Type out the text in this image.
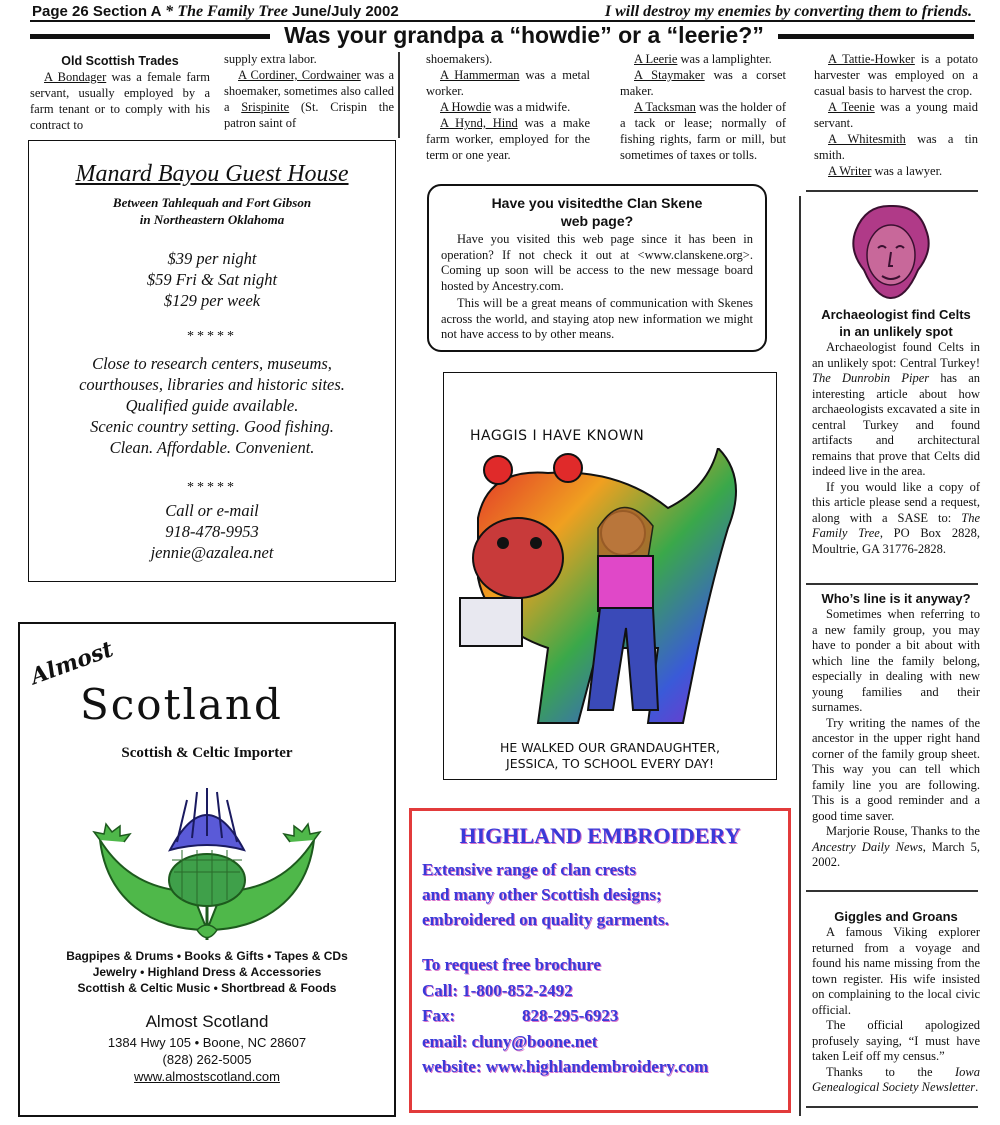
Page 26 Section A * The Family Tree June/July 2002	I will destroy my enemies by converting them to friends.
Was your grandpa a “howdie” or a “leerie?”
Old Scottish Trades

A Bondager was a female farm servant, usually employed by a farm tenant or to comply with his contract to

supply extra labor.

A Cordiner, Cordwainer was a shoemaker, sometimes also called a Srispinite (St. Crispin the patron saint of

shoemakers).

A Hammerman was a metal worker.

A Howdie was a midwife.

A Hynd, Hind was a make farm worker, employed for the term or one year.

A Leerie was a lamplighter.

A Staymaker was a corset maker.

A Tacksman was the holder of a tack or lease; normally of fishing rights, farm or mill, but sometimes of taxes or tolls.

A Tattie-Howker is a potato harvester was employed on a casual basis to harvest the crop.

A Teenie was a young maid servant.

A Whitesmith was a tin smith.

A Writer was a lawyer.

Manard Bayou Guest House
Between Tahlequah and Fort Gibson
in Northeastern Oklahoma
$39 per night
$59 Fri & Sat night
$129 per week
*****
Close to research centers, museums,
courthouses, libraries and historic sites.
Qualified guide available.
Scenic country setting. Good fishing.
Clean. Affordable. Convenient.
*****
Call or e-mail
918-478-9953
jennie@azalea.net
Almost
Scotland
Scottish & Celtic Importer
Bagpipes & Drums • Books & Gifts • Tapes & CDs
Jewelry • Highland Dress & Accessories
Scottish & Celtic Music • Shortbread & Foods
Almost Scotland
1384 Hwy 105 • Boone, NC 28607
(828) 262-5005
www.almostscotland.com
Have you visitedthe Clan Skene
web page?

Have you visited this web page since it has been in operation? If not check it out at <www.clanskene.org>. Coming up soon will be access to the new message board hosted by Ancestry.com.

This will be a great means of communication with Skenes across the world, and staying atop new information we might not have access to by other means.

HAGGIS I HAVE KNOWN
HE WALKED OUR GRANDAUGHTER,
JESSICA, TO SCHOOL EVERY DAY!
HIGHLAND EMBROIDERY
Extensive range of clan crests
and many other Scottish designs;
embroidered on quality garments.
To request free brochure
Call: 1-800-852-2492
Fax:	828-295-6923
email: cluny@boone.net
website: www.highlandembroidery.com
Archaeologist find Celts
in an unlikely spot

Archaeologist found Celts in an unlikely spot: Central Turkey! The Dunrobin Piper has an interesting article about how archaeologists excavated a site in central Turkey and found artifacts and architectural remains that prove that Celts did indeed live in the area.

If you would like a copy of this article please send a request, along with a SASE to: The Family Tree, PO Box 2828, Moultrie, GA 31776-2828.

Who’s line is it anyway?

Sometimes when referring to a new family group, you may have to ponder a bit about with which line the family belong, especially in dealing with new young families and their surnames.

Try writing the names of the ancestor in the upper right hand corner of the family group sheet. This way you can tell which family line you are following. This is a good reminder and a good time saver.

Marjorie Rouse, Thanks to the Ancestry Daily News, March 5, 2002.

Giggles and Groans

A famous Viking explorer returned from a voyage and found his name missing from the town register. His wife insisted on complaining to the local civic official.

The official apologized profusely saying, “I must have taken Leif off my census.”

Thanks to the Iowa Genealogical Society Newsletter.
